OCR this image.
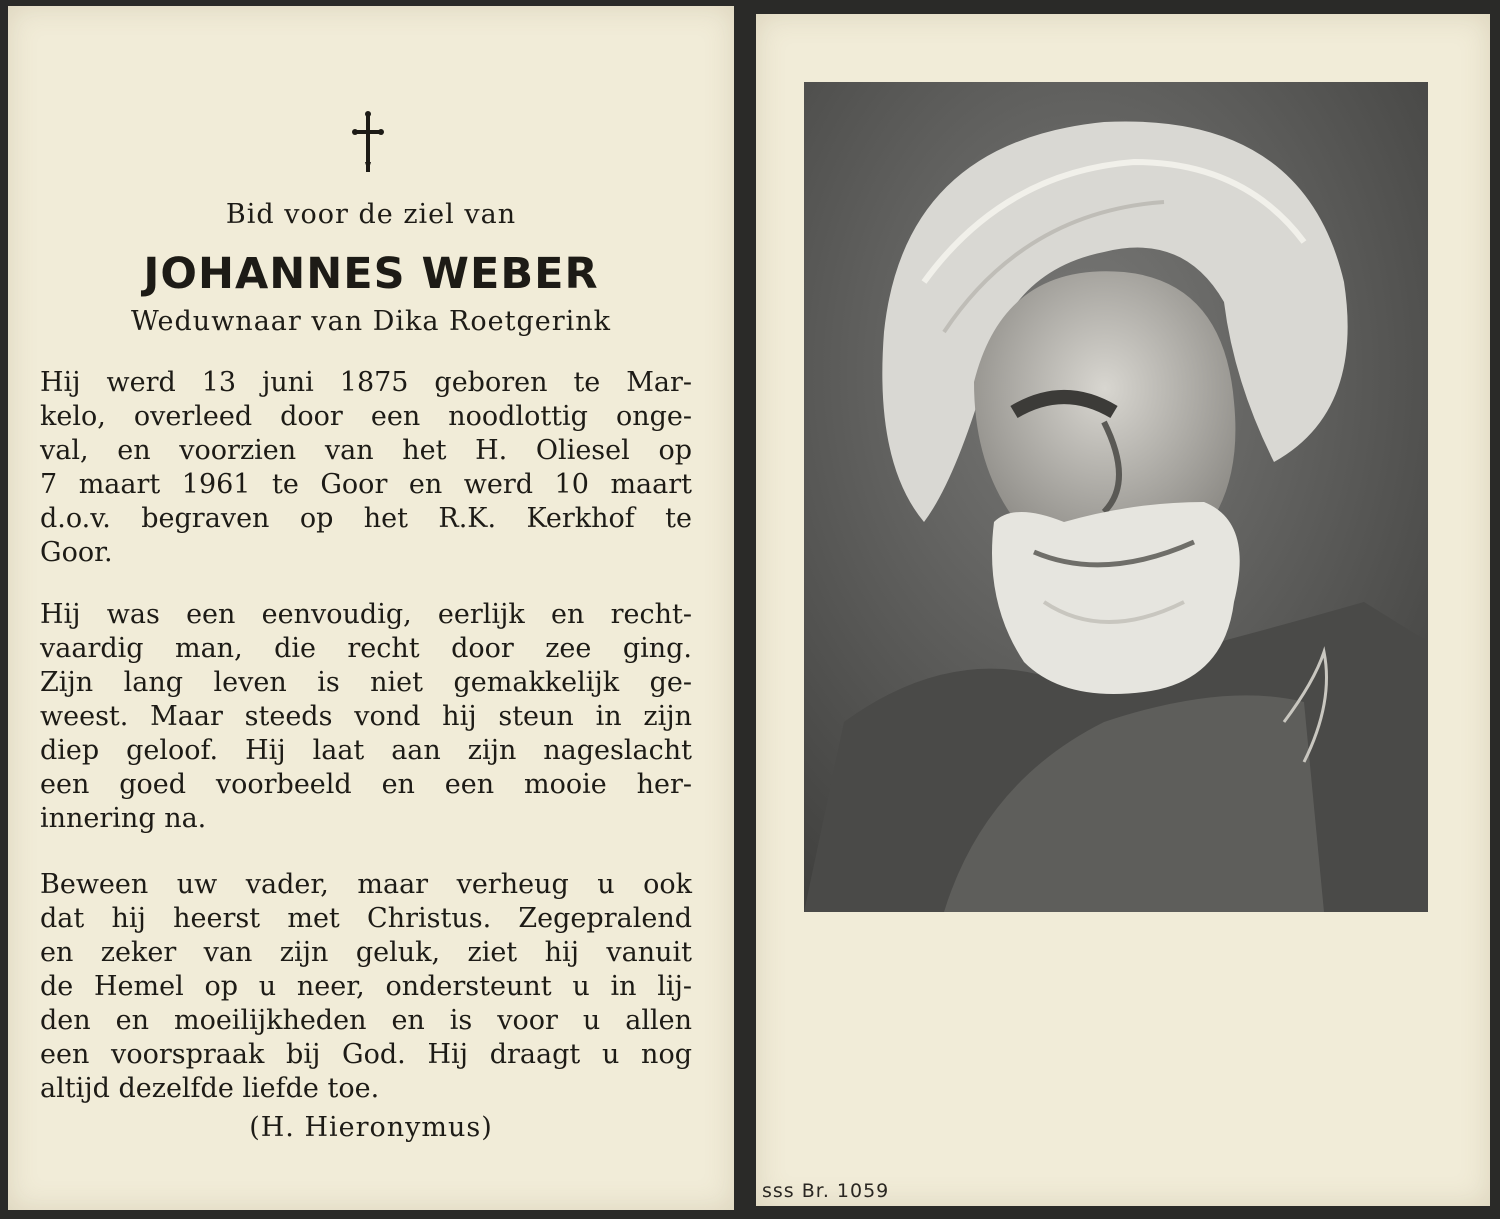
Bid voor de ziel van
JOHANNES WEBER
Weduwnaar van Dika Roetgerink
Hij werd 13 juni 1875 geboren te Mar-
kelo, overleed door een noodlottig onge-
val, en voorzien van het H. Oliesel op
7 maart 1961 te Goor en werd 10 maart
d.o.v. begraven op het R.K. Kerkhof te
Goor.
Hij was een eenvoudig, eerlijk en recht-
vaardig man, die recht door zee ging.
Zijn lang leven is niet gemakkelijk ge-
weest. Maar steeds vond hij steun in zijn
diep geloof. Hij laat aan zijn nageslacht
een goed voorbeeld en een mooie her-
innering na.
Beween uw vader, maar verheug u ook
dat hij heerst met Christus. Zegepralend
en zeker van zijn geluk, ziet hij vanuit
de Hemel op u neer, ondersteunt u in lij-
den en moeilijkheden en is voor u allen
een voorspraak bij God. Hij draagt u nog
altijd dezelfde liefde toe.
(H. Hieronymus)
sss Br. 1059
